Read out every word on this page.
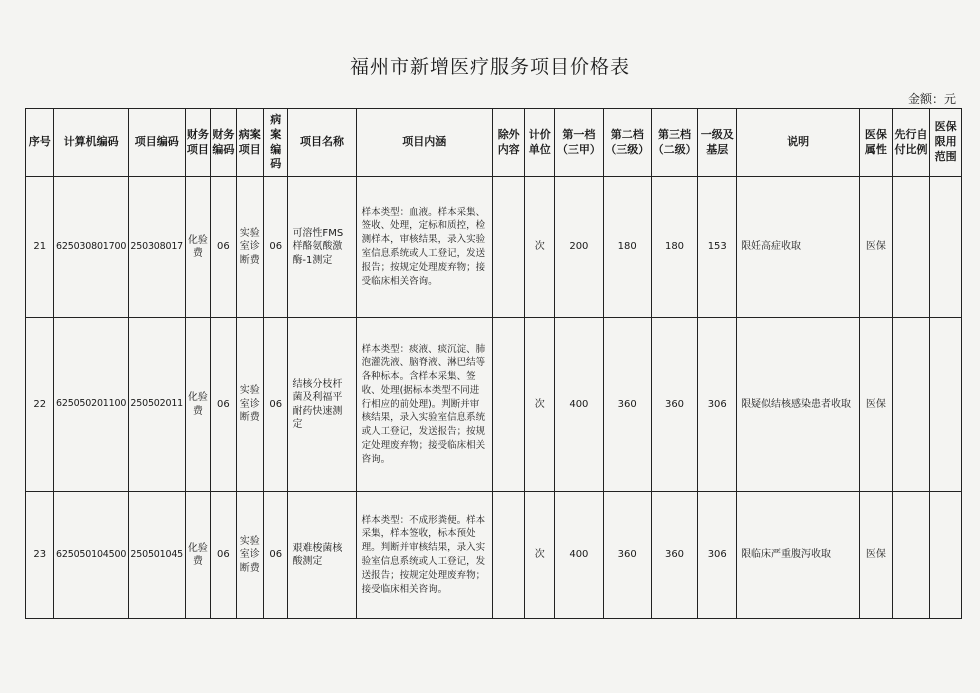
福州市新增医疗服务项目价格表
金额：元
序号	计算机编码	项目编码	财务项目	财务编码	病案项目	病案编码	项目名称	项目内涵	除外内容	计价单位	第一档（三甲）	第二档（三级）	第三档（二级）	一级及基层	说明	医保属性	先行自付比例	医保限用范围
21	625030801700	250308017	化验费	06	实验室诊断费	06	可溶性FMS样酪氨酸激酶-1测定	样本类型：血液。样本采集、签收、处理，定标和质控，检测样本，审核结果，录入实验室信息系统或人工登记，发送报告；按规定处理废弃物；接受临床相关咨询。		次	200	180	180	153	限妊高症收取	医保		
22	625050201100	250502011	化验费	06	实验室诊断费	06	结核分枝杆菌及利福平耐药快速测定	样本类型：痰液、痰沉淀、肺泡灌洗液、脑脊液、淋巴结等各种标本。含样本采集、签收、处理(据标本类型不同进行相应的前处理)。判断并审核结果，录入实验室信息系统或人工登记，发送报告；按规定处理废弃物；接受临床相关咨询。		次	400	360	360	306	限疑似结核感染患者收取	医保		
23	625050104500	250501045	化验费	06	实验室诊断费	06	艰难梭菌核酸测定	样本类型：不成形粪便。样本采集，样本签收，标本预处理。判断并审核结果，录入实验室信息系统或人工登记，发送报告；按规定处理废弃物；接受临床相关咨询。		次	400	360	360	306	限临床严重腹泻收取	医保		
